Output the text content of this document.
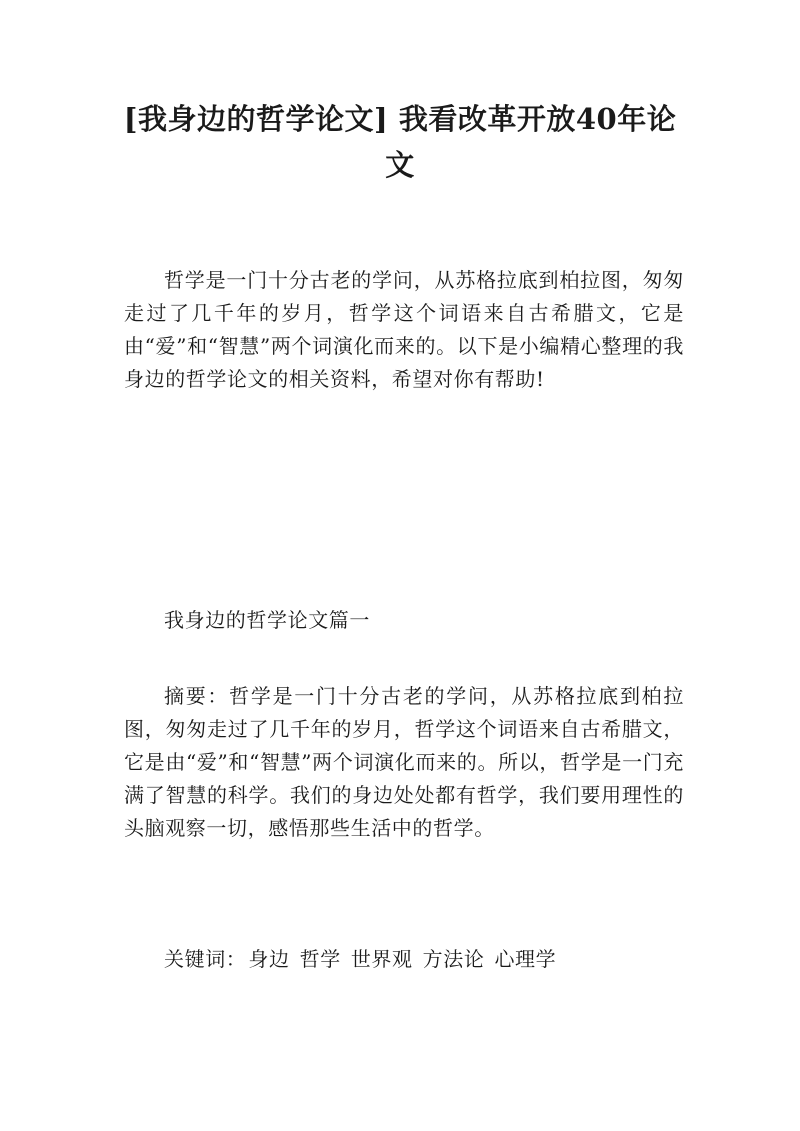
[我身边的哲学论文] 我看改革开放40年论文

哲学是一门十分古老的学问，从苏格拉底到柏拉图，匆匆走过了几千年的岁月，哲学这个词语来自古希腊文，它是由“爱”和“智慧”两个词演化而来的。以下是小编精心整理的我身边的哲学论文的相关资料，希望对你有帮助!

我身边的哲学论文篇一

摘要：哲学是一门十分古老的学问，从苏格拉底到柏拉图，匆匆走过了几千年的岁月，哲学这个词语来自古希腊文，它是由“爱”和“智慧”两个词演化而来的。所以，哲学是一门充满了智慧的科学。我们的身边处处都有哲学，我们要用理性的头脑观察一切，感悟那些生活中的哲学。

关键词： 身边 哲学 世界观 方法论 心理学
